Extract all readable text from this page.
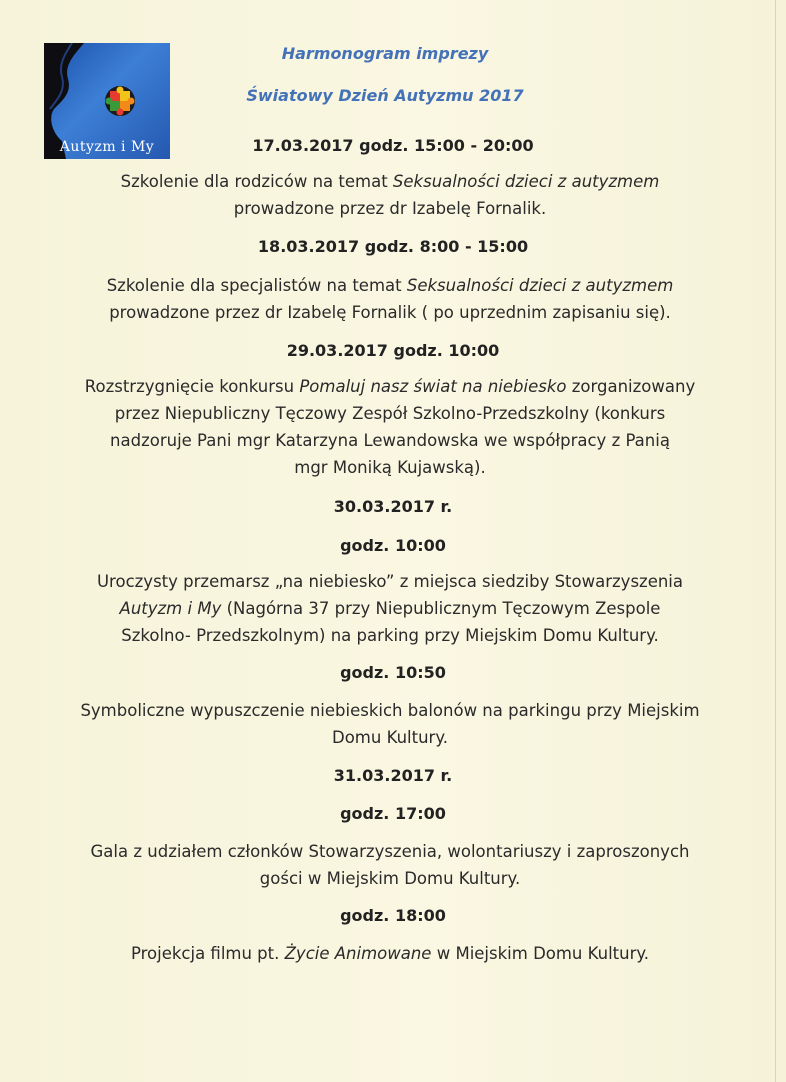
Autyzm i My
Harmonogram imprezy
Światowy Dzień Autyzmu 2017
17.03.2017 godz. 15:00 - 20:00
Szkolenie dla rodziców na temat Seksualności dzieci z autyzmem
prowadzone przez dr Izabelę Fornalik.
18.03.2017 godz. 8:00 - 15:00
Szkolenie dla specjalistów na temat Seksualności dzieci z autyzmem
prowadzone przez dr Izabelę Fornalik ( po uprzednim zapisaniu się).
29.03.2017 godz. 10:00
Rozstrzygnięcie konkursu Pomaluj nasz świat na niebiesko zorganizowany
przez Niepubliczny Tęczowy Zespół Szkolno-Przedszkolny (konkurs
nadzoruje Pani mgr Katarzyna Lewandowska we współpracy z Panią
mgr Moniką Kujawską).
30.03.2017 r.
godz. 10:00
Uroczysty przemarsz „na niebiesko” z miejsca siedziby Stowarzyszenia
Autyzm i My (Nagórna 37 przy Niepublicznym Tęczowym Zespole
Szkolno- Przedszkolnym) na parking przy Miejskim Domu Kultury.
godz. 10:50
Symboliczne wypuszczenie niebieskich balonów na parkingu przy Miejskim
Domu Kultury.
31.03.2017 r.
godz. 17:00
Gala z udziałem członków Stowarzyszenia, wolontariuszy i zaproszonych
gości w Miejskim Domu Kultury.
godz. 18:00
Projekcja filmu pt. Życie Animowane w Miejskim Domu Kultury.
